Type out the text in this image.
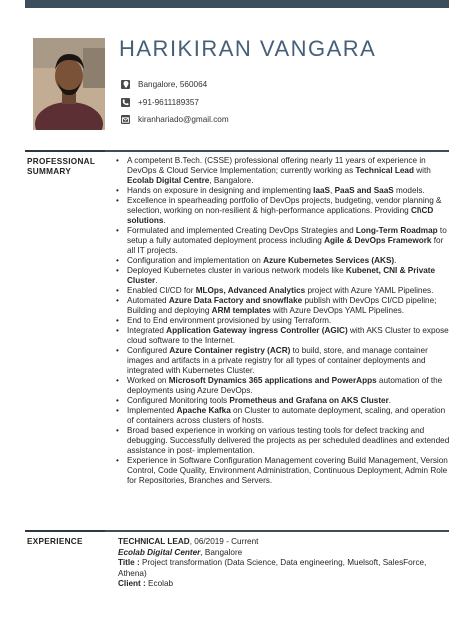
HARIKIRAN VANGARA
Bangalore, 560064
+91-9611189357
kiranhariado@gmail.com
PROFESSIONAL
SUMMARY
• A competent B.Tech. (CSSE) professional offering nearly 11 years of experience in DevOps & Cloud Service Implementation; currently working as Technical Lead with Ecolab Digital Centre, Bangalore.
• Hands on exposure in designing and implementing IaaS, PaaS and SaaS models.
• Excellence in spearheading portfolio of DevOps projects, budgeting, vendor planning & selection, working on non-resilient & high-performance applications. Providing CI\CD solutions.
• Formulated and implemented Creating DevOps Strategies and Long-Term Roadmap to setup a fully automated deployment process including Agile & DevOps Framework for all IT projects.
• Configuration and implementation on Azure Kubernetes Services (AKS).
• Deployed Kubernetes cluster in various network models like Kubenet, CNI & Private Cluster.
• Enabled CI/CD for MLOps, Advanced Analytics project with Azure YAML Pipelines.
• Automated Azure Data Factory and snowflake publish with DevOps CI/CD pipeline; Building and deploying ARM templates with Azure DevOps YAML Pipelines.
• End to End environment provisioned by using Terraform.
• Integrated Application Gateway ingress Controller (AGIC) with AKS Cluster to expose cloud software to the Internet.
• Configured Azure Container registry (ACR) to build, store, and manage container images and artifacts in a private registry for all types of container deployments and integrated with Kubernetes Cluster.
• Worked on Microsoft Dynamics 365 applications and PowerApps automation of the deployments using Azure DevOps.
• Configured Monitoring tools Prometheus and Grafana on AKS Cluster.
• Implemented Apache Kafka on Cluster to automate deployment, scaling, and operation of containers across clusters of hosts.
• Broad based experience in working on various testing tools for defect tracking and debugging. Successfully delivered the projects as per scheduled deadlines and extended assistance in post- implementation.
• Experience in Software Configuration Management covering Build Management, Version Control, Code Quality, Environment Administration, Continuous Deployment, Admin Role for Repositories, Branches and Servers.
EXPERIENCE	TECHNICAL LEAD, 06/2019 - Current
Ecolab Digital Center, Bangalore
Title : Project transformation (Data Science, Data engineering, Muelsoft, SalesForce, Athena)
Client : Ecolab
